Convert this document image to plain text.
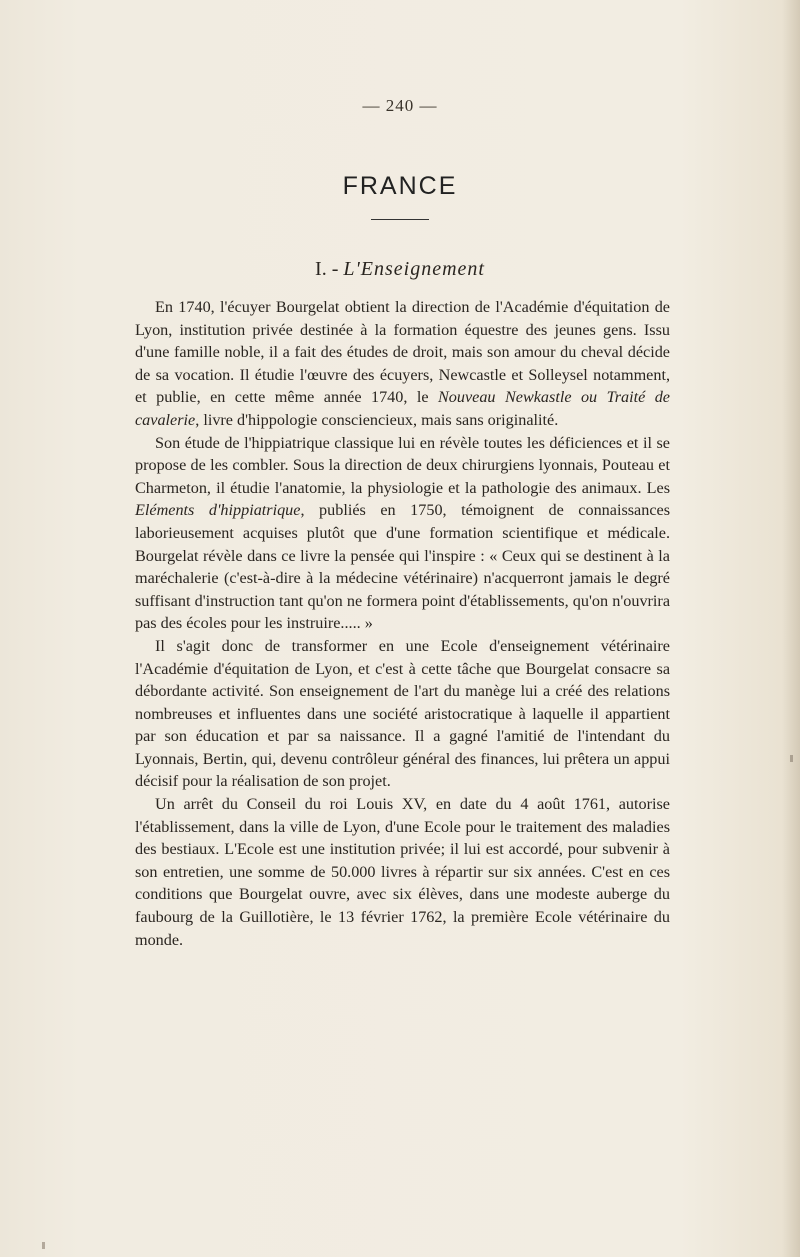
— 240 —
FRANCE
I. - L'Enseignement

En 1740, l'écuyer Bourgelat obtient la direction de l'Académie d'équitation de Lyon, institution privée destinée à la formation équestre des jeunes gens. Issu d'une famille noble, il a fait des études de droit, mais son amour du cheval décide de sa vocation. Il étudie l'œuvre des écuyers, Newcastle et Solleysel notamment, et publie, en cette même année 1740, le Nouveau Newkastle ou Traité de cavalerie, livre d'hippologie consciencieux, mais sans originalité.

Son étude de l'hippiatrique classique lui en révèle toutes les déficiences et il se propose de les combler. Sous la direction de deux chirurgiens lyonnais, Pouteau et Charmeton, il étudie l'anatomie, la physiologie et la pathologie des animaux. Les Eléments d'hippiatrique, publiés en 1750, témoignent de connaissances laborieusement acquises plutôt que d'une formation scientifique et médicale. Bourgelat révèle dans ce livre la pensée qui l'inspire : « Ceux qui se destinent à la maréchalerie (c'est-à-dire à la médecine vétérinaire) n'acquerront jamais le degré suffisant d'instruction tant qu'on ne formera point d'établissements, qu'on n'ouvrira pas des écoles pour les instruire..... »

Il s'agit donc de transformer en une Ecole d'enseignement vétérinaire l'Académie d'équitation de Lyon, et c'est à cette tâche que Bourgelat consacre sa débordante activité. Son enseignement de l'art du manège lui a créé des relations nombreuses et influentes dans une société aristocratique à laquelle il appartient par son éducation et par sa naissance. Il a gagné l'amitié de l'intendant du Lyonnais, Bertin, qui, devenu contrôleur général des finances, lui prêtera un appui décisif pour la réalisation de son projet.

Un arrêt du Conseil du roi Louis XV, en date du 4 août 1761, autorise l'établissement, dans la ville de Lyon, d'une Ecole pour le traitement des maladies des bestiaux. L'Ecole est une institution privée; il lui est accordé, pour subvenir à son entretien, une somme de 50.000 livres à répartir sur six années. C'est en ces conditions que Bourgelat ouvre, avec six élèves, dans une modeste auberge du faubourg de la Guillotière, le 13 février 1762, la première Ecole vétérinaire du monde.
